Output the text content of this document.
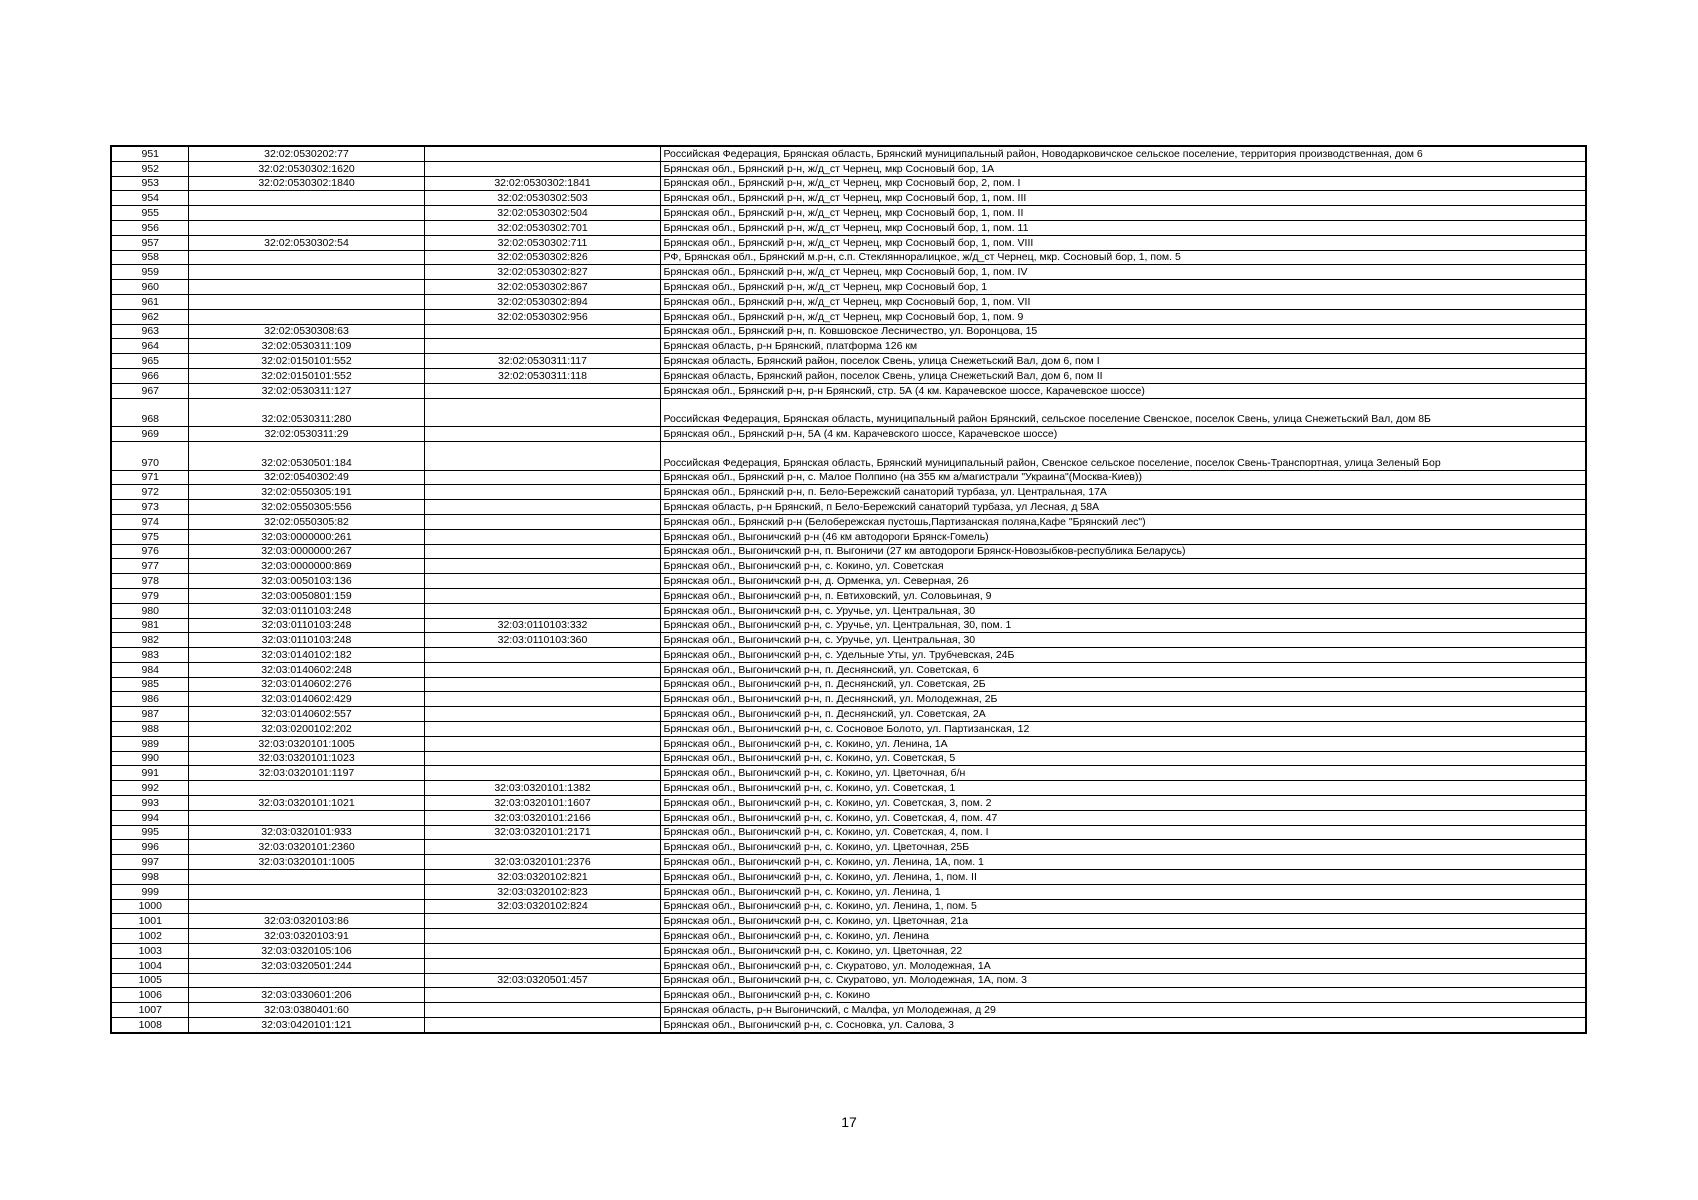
951	32:02:0530202:77		Российская Федерация, Брянская область, Брянский муниципальный район, Новодарковичское сельское поселение, территория производственная, дом 6
952	32:02:0530302:1620		Брянская обл., Брянский р-н, ж/д_ст Чернец, мкр Сосновый бор, 1А
953	32:02:0530302:1840	32:02:0530302:1841	Брянская обл., Брянский р-н, ж/д_ст Чернец, мкр Сосновый бор, 2, пом. I
954		32:02:0530302:503	Брянская обл., Брянский р-н, ж/д_ст Чернец, мкр Сосновый бор, 1, пом. III
955		32:02:0530302:504	Брянская обл., Брянский р-н, ж/д_ст Чернец, мкр Сосновый бор, 1, пом. II
956		32:02:0530302:701	Брянская обл., Брянский р-н, ж/д_ст Чернец, мкр Сосновый бор, 1, пом. 11
957	32:02:0530302:54	32:02:0530302:711	Брянская обл., Брянский р-н, ж/д_ст Чернец, мкр Сосновый бор, 1, пом. VIII
958		32:02:0530302:826	РФ, Брянская обл., Брянский м.р-н, с.п. Стеклянноралицкое, ж/д_ст Чернец, мкр. Сосновый бор, 1, пом. 5
959		32:02:0530302:827	Брянская обл., Брянский р-н, ж/д_ст Чернец, мкр Сосновый бор, 1, пом. IV
960		32:02:0530302:867	Брянская обл., Брянский р-н, ж/д_ст Чернец, мкр Сосновый бор, 1
961		32:02:0530302:894	Брянская обл., Брянский р-н, ж/д_ст Чернец, мкр Сосновый бор, 1, пом. VII
962		32:02:0530302:956	Брянская обл., Брянский р-н, ж/д_ст Чернец, мкр Сосновый бор, 1, пом. 9
963	32:02:0530308:63		Брянская обл., Брянский р-н, п. Ковшовское Лесничество, ул. Воронцова, 15
964	32:02:0530311:109		Брянская область, р-н Брянский, платформа 126 км
965	32:02:0150101:552	32:02:0530311:117	Брянская область, Брянский район, поселок Свень, улица Снежетьский Вал, дом 6, пом I
966	32:02:0150101:552	32:02:0530311:118	Брянская область, Брянский район, поселок Свень, улица Снежетьский Вал, дом 6, пом II
967	32:02:0530311:127		Брянская обл., Брянский р-н, р-н Брянский, стр. 5А (4 км. Карачевское шоссе, Карачевское шоссе)
968	32:02:0530311:280		Российская Федерация, Брянская область, муниципальный район Брянский, сельское поселение Свенское, поселок Свень, улица Снежетьский Вал, дом 8Б
969	32:02:0530311:29		Брянская обл., Брянский р-н, 5А (4 км. Карачевского шоссе, Карачевское шоссе)
970	32:02:0530501:184		Российская Федерация, Брянская область, Брянский муниципальный район, Свенское сельское поселение, поселок Свень-Транспортная, улица Зеленый Бор
971	32:02:0540302:49		Брянская обл., Брянский р-н, с. Малое Полпино (на 355 км а/магистрали "Украина"(Москва-Киев))
972	32:02:0550305:191		Брянская обл., Брянский р-н, п. Бело-Бережский санаторий турбаза, ул. Центральная, 17А
973	32:02:0550305:556		Брянская область, р-н Брянский, п Бело-Бережский санаторий турбаза, ул Лесная, д 58А
974	32:02:0550305:82		Брянская обл., Брянский р-н (Белобережская пустошь,Партизанская поляна,Кафе "Брянский лес")
975	32:03:0000000:261		Брянская обл., Выгоничский р-н (46 км автодороги Брянск-Гомель)
976	32:03:0000000:267		Брянская обл., Выгоничский р-н, п. Выгоничи (27 км автодороги Брянск-Новозыбков-республика Беларусь)
977	32:03:0000000:869		Брянская обл., Выгоничский р-н, с. Кокино, ул. Советская
978	32:03:0050103:136		Брянская обл., Выгоничский р-н, д. Орменка, ул. Северная, 26
979	32:03:0050801:159		Брянская обл., Выгоничский р-н, п. Евтиховский, ул. Соловьиная, 9
980	32:03:0110103:248		Брянская обл., Выгоничский р-н, с. Уручье, ул. Центральная, 30
981	32:03:0110103:248	32:03:0110103:332	Брянская обл., Выгоничский р-н, с. Уручье, ул. Центральная, 30, пом. 1
982	32:03:0110103:248	32:03:0110103:360	Брянская обл., Выгоничский р-н, с. Уручье, ул. Центральная, 30
983	32:03:0140102:182		Брянская обл., Выгоничский р-н, с. Удельные Уты, ул. Трубчевская, 24Б
984	32:03:0140602:248		Брянская обл., Выгоничский р-н, п. Деснянский, ул. Советская, 6
985	32:03:0140602:276		Брянская обл., Выгоничский р-н, п. Деснянский, ул. Советская, 2Б
986	32:03:0140602:429		Брянская обл., Выгоничский р-н, п. Деснянский, ул. Молодежная, 2Б
987	32:03:0140602:557		Брянская обл., Выгоничский р-н, п. Деснянский, ул. Советская, 2А
988	32:03:0200102:202		Брянская обл., Выгоничский р-н, с. Сосновое Болото, ул. Партизанская, 12
989	32:03:0320101:1005		Брянская обл., Выгоничский р-н, с. Кокино, ул. Ленина, 1А
990	32:03:0320101:1023		Брянская обл., Выгоничский р-н, с. Кокино, ул. Советская, 5
991	32:03:0320101:1197		Брянская обл., Выгоничский р-н, с. Кокино, ул. Цветочная, б/н
992		32:03:0320101:1382	Брянская обл., Выгоничский р-н, с. Кокино, ул. Советская, 1
993	32:03:0320101:1021	32:03:0320101:1607	Брянская обл., Выгоничский р-н, с. Кокино, ул. Советская, 3, пом. 2
994		32:03:0320101:2166	Брянская обл., Выгоничский р-н, с. Кокино, ул. Советская, 4, пом. 47
995	32:03:0320101:933	32:03:0320101:2171	Брянская обл., Выгоничский р-н, с. Кокино, ул. Советская, 4, пом. I
996	32:03:0320101:2360		Брянская обл., Выгоничский р-н, с. Кокино, ул. Цветочная, 25Б
997	32:03:0320101:1005	32:03:0320101:2376	Брянская обл., Выгоничский р-н, с. Кокино, ул. Ленина, 1А, пом. 1
998		32:03:0320102:821	Брянская обл., Выгоничский р-н, с. Кокино, ул. Ленина, 1, пом. II
999		32:03:0320102:823	Брянская обл., Выгоничский р-н, с. Кокино, ул. Ленина, 1
1000		32:03:0320102:824	Брянская обл., Выгоничский р-н, с. Кокино, ул. Ленина, 1, пом. 5
1001	32:03:0320103:86		Брянская обл., Выгоничский р-н, с. Кокино, ул. Цветочная, 21а
1002	32:03:0320103:91		Брянская обл., Выгоничский р-н, с. Кокино, ул. Ленина
1003	32:03:0320105:106		Брянская обл., Выгоничский р-н, с. Кокино, ул. Цветочная, 22
1004	32:03:0320501:244		Брянская обл., Выгоничский р-н, с. Скуратово, ул. Молодежная, 1А
1005		32:03:0320501:457	Брянская обл., Выгоничский р-н, с. Скуратово, ул. Молодежная, 1А, пом. 3
1006	32:03:0330601:206		Брянская обл., Выгоничский р-н, с. Кокино
1007	32:03:0380401:60		Брянская область, р-н Выгоничский, с Малфа, ул Молодежная, д 29
1008	32:03:0420101:121		Брянская обл., Выгоничский р-н, с. Сосновка, ул. Салова, 3
17
